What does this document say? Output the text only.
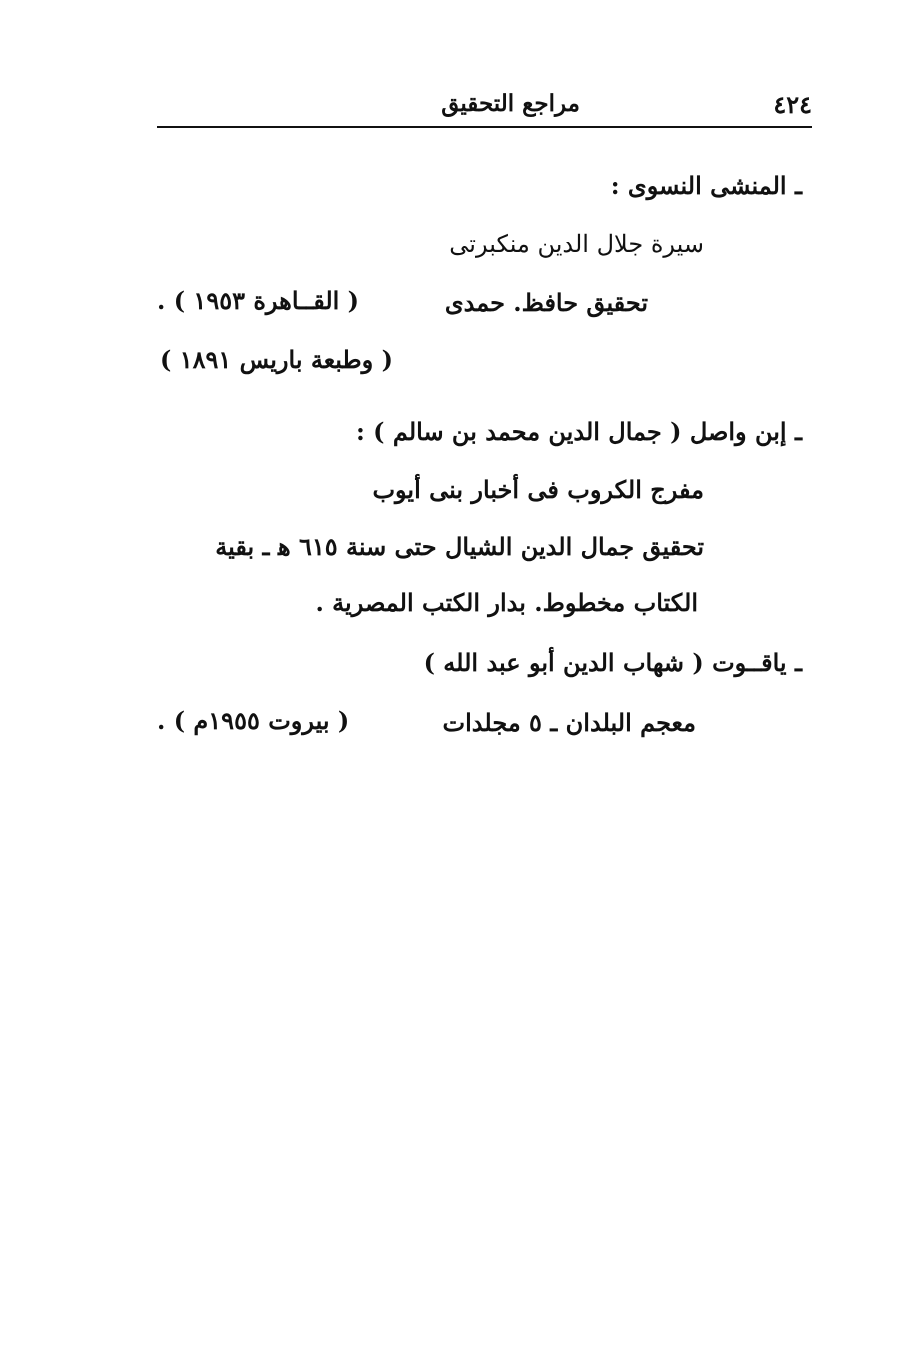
٤٢٤
مراجع التحقيق
ـ المنشى النسوى :
سيرة جلال الدين منكبرتى
تحقيق حافظ. حمدى
( القــاهرة ١٩٥٣ ) .
( وطبعة باريس ١٨٩١ )
ـ إبن واصل ( جمال الدين محمد بن سالم ) :
مفرج الكروب فى أخبار بنى أيوب
تحقيق جمال الدين الشيال حتى سنة ٦١٥ ﻫ ـ بقية
الكتاب مخطوط. بدار الكتب المصرية .
ـ ياقــوت ( شهاب الدين أبو عبد الله )
معجم البلدان ـ ٥ مجلدات
( بيروت ١٩٥٥م ) .
